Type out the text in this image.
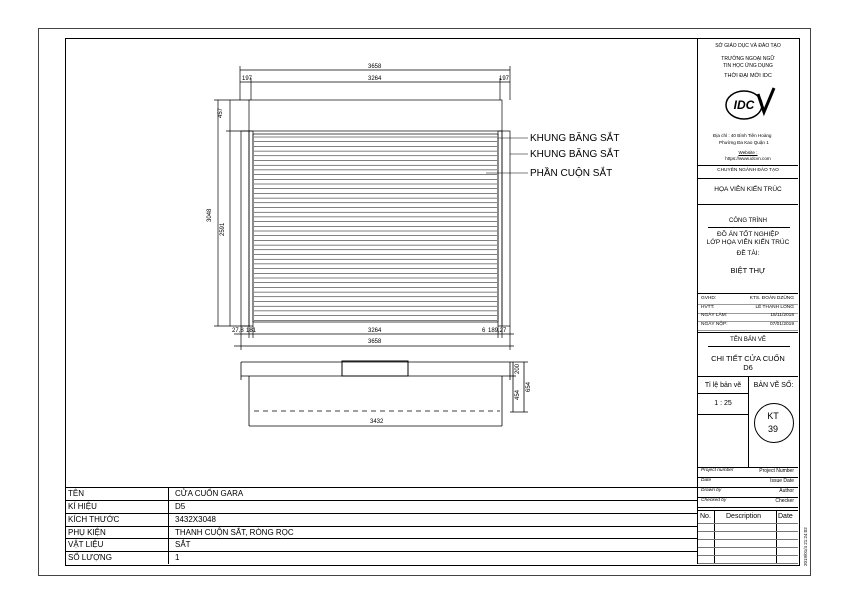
3658
197	3264	197
457
3048
2591
27,8 181	3264	6 189,27
3658
200
654
454
3432
KHUNG BĂNG SẮT
KHUNG BĂNG SẮT
PHẦN CUỘN SẮT
TÊN	CỬA CUỐN GARA
KÍ HIỆU	D5
KÍCH THƯỚC	3432X3048
PHỤ KIỆN	THANH CUỘN SẮT, RÒNG RỌC
VẬT LIỆU	SẮT
SỐ LƯỢNG	1
SỞ GIÁO DỤC VÀ ĐÀO TẠO
TRƯỜNG NGOẠI NGỮ
TIN HỌC ỨNG DỤNG
THỜI ĐẠI MỚI IDC
IDC
Địa chỉ : 40 Bình Tiên Hoàng
Phường Đa Kao Quận 1
Website :
https://www.idcvn.com
CHUYÊN NGÀNH ĐÀO TẠO
HỌA VIÊN KIẾN TRÚC
CÔNG TRÌNH
ĐỒ ÁN TỐT NGHIỆP
LỚP HỌA VIÊN KIẾN TRÚC
ĐỀ TÀI:
BIỆT THỰ
GVHD:	KTS. ĐOÀN DZŨNG
HVTT:	LÊ THANH LONG
NGÀY LÀM:	15/11/2018
NGÀY NỘP:	07/01/2019
TÊN BẢN VẼ
CHI TIẾT CỬA CUỐN
D6
Tỉ lệ bản vẽ	BẢN VẼ SỐ:
1 : 25
KT
39
Project number	Project Number
Date	Issue Date
Drawn by	Author
Checked by	Checker
No. Description Date
2019/01/4 21:24:02
